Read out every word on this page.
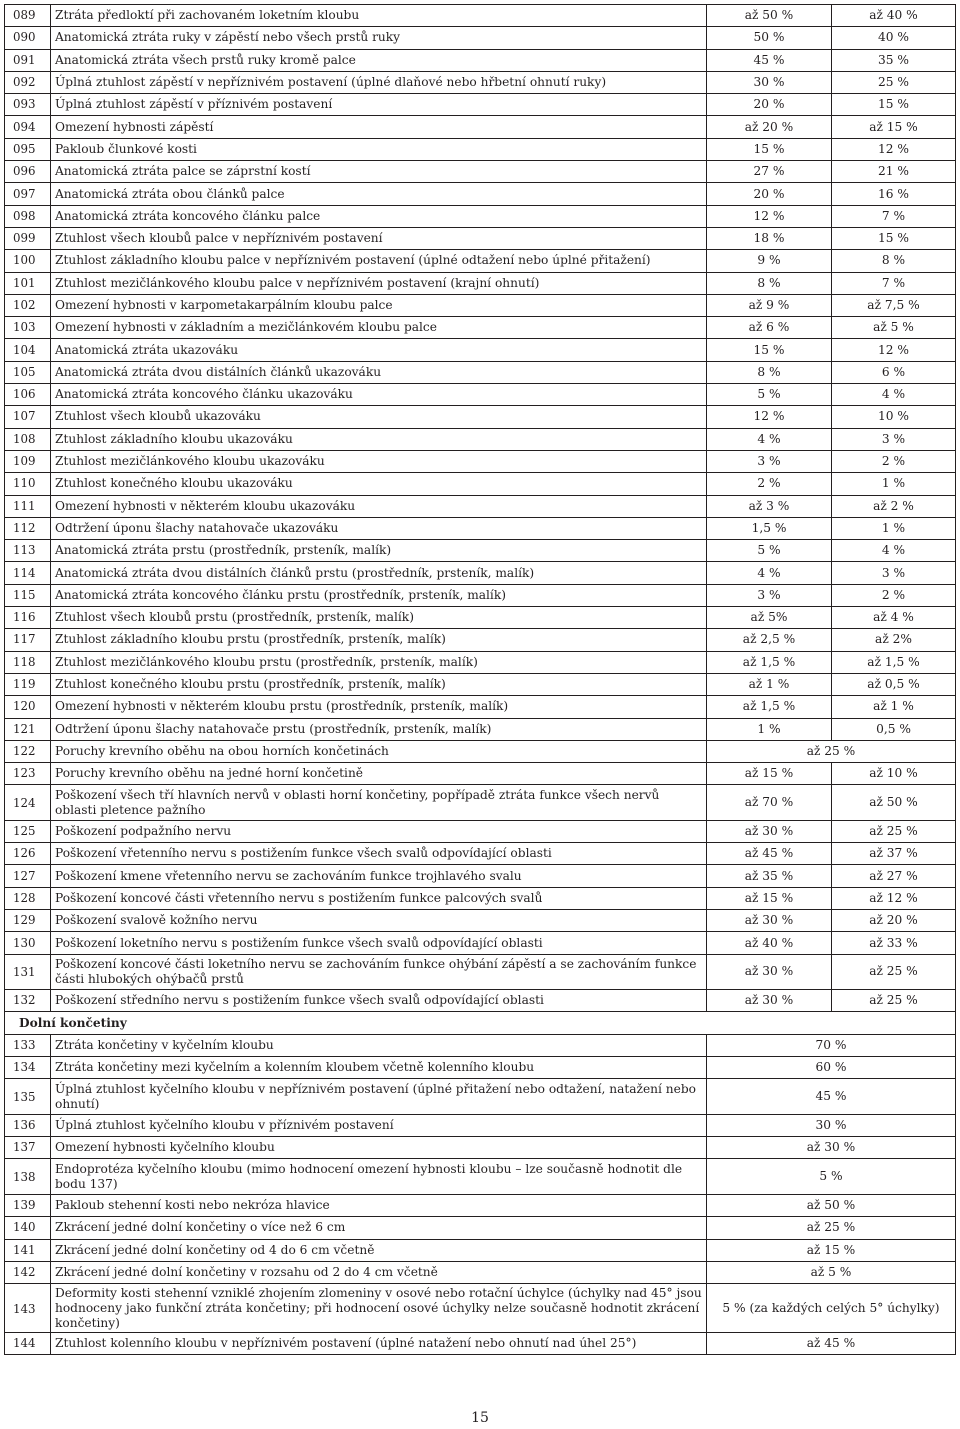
089	Ztráta předloktí při zachovaném loketním kloubu	až 50 %	až 40 %
090	Anatomická ztráta ruky v zápěstí nebo všech prstů ruky	50 %	40 %
091	Anatomická ztráta všech prstů ruky kromě palce	45 %	35 %
092	Úplná ztuhlost zápěstí v nepříznivém postavení (úplné dlaňové nebo hřbetní ohnutí ruky)	30 %	25 %
093	Úplná ztuhlost zápěstí v příznivém postavení	20 %	15 %
094	Omezení hybnosti zápěstí	až 20 %	až 15 %
095	Pakloub člunkové kosti	15 %	12 %
096	Anatomická ztráta palce se záprstní kostí	27 %	21 %
097	Anatomická ztráta obou článků palce	20 %	16 %
098	Anatomická ztráta koncového článku palce	12 %	7 %
099	Ztuhlost všech kloubů palce v nepříznivém postavení	18 %	15 %
100	Ztuhlost základního kloubu palce v nepříznivém postavení (úplné odtažení nebo úplné přitažení)	9 %	8 %
101	Ztuhlost mezičlánkového kloubu palce v nepříznivém postavení (krajní ohnutí)	8 %	7 %
102	Omezení hybnosti v karpometakarpálním kloubu palce	až 9 %	až 7,5 %
103	Omezení hybnosti v základním a mezičlánkovém kloubu palce	až 6 %	až 5 %
104	Anatomická ztráta ukazováku	15 %	12 %
105	Anatomická ztráta dvou distálních článků ukazováku	8 %	6 %
106	Anatomická ztráta koncového článku ukazováku	5 %	4 %
107	Ztuhlost všech kloubů ukazováku	12 %	10 %
108	Ztuhlost základního kloubu ukazováku	4 %	3 %
109	Ztuhlost mezičlánkového kloubu ukazováku	3 %	2 %
110	Ztuhlost konečného kloubu ukazováku	2 %	1 %
111	Omezení hybnosti v některém kloubu ukazováku	až 3 %	až 2 %
112	Odtržení úponu šlachy natahovače ukazováku	1,5 %	1 %
113	Anatomická ztráta prstu (prostředník, prsteník, malík)	5 %	4 %
114	Anatomická ztráta dvou distálních článků prstu (prostředník, prsteník, malík)	4 %	3 %
115	Anatomická ztráta koncového článku prstu (prostředník, prsteník, malík)	3 %	2 %
116	Ztuhlost všech kloubů prstu (prostředník, prsteník, malík)	až 5%	až 4 %
117	Ztuhlost základního kloubu prstu (prostředník, prsteník, malík)	až 2,5 %	až 2%
118	Ztuhlost mezičlánkového kloubu prstu (prostředník, prsteník, malík)	až 1,5 %	až 1,5 %
119	Ztuhlost konečného kloubu prstu (prostředník, prsteník, malík)	až 1 %	až 0,5 %
120	Omezení hybnosti v některém kloubu prstu (prostředník, prsteník, malík)	až 1,5 %	až 1 %
121	Odtržení úponu šlachy natahovače prstu (prostředník, prsteník, malík)	1 %	0,5 %
122	Poruchy krevního oběhu na obou horních končetinách	až 25 %	
123	Poruchy krevního oběhu na jedné horní končetině	až 15 %	až 10 %
124	Poškození všech tří hlavních nervů v oblasti horní končetiny, popřípadě ztráta funkce všech nervů oblasti pletence pažního	až 70 %	až 50 %
125	Poškození podpažního nervu	až 30 %	až 25 %
126	Poškození vřetenního nervu s postižením funkce všech svalů odpovídající oblasti	až 45 %	až 37 %
127	Poškození kmene vřetenního nervu se zachováním funkce trojhlavého svalu	až 35 %	až 27 %
128	Poškození koncové části vřetenního nervu s postižením funkce palcových svalů	až 15 %	až 12 %
129	Poškození svalově kožního nervu	až 30 %	až 20 %
130	Poškození loketního nervu s postižením funkce všech svalů odpovídající oblasti	až 40 %	až 33 %
131	Poškození koncové části loketního nervu se zachováním funkce ohýbání zápěstí a se zachováním funkce části hlubokých ohýbačů prstů	až 30 %	až 25 %
132	Poškození středního nervu s postižením funkce všech svalů odpovídající oblasti	až 30 %	až 25 %
Dolní končetiny			
133	Ztráta končetiny v kyčelním kloubu	70 %	
134	Ztráta končetiny mezi kyčelním a kolenním kloubem včetně kolenního kloubu	60 %	
135	Úplná ztuhlost kyčelního kloubu v nepříznivém postavení (úplné přitažení nebo odtažení, natažení nebo ohnutí)	45 %	
136	Úplná ztuhlost kyčelního kloubu v příznivém postavení	30 %	
137	Omezení hybnosti kyčelního kloubu	až 30 %	
138	Endoprotéza kyčelního kloubu (mimo hodnocení omezení hybnosti kloubu – lze současně hodnotit dle bodu 137)	5 %	
139	Pakloub stehenní kosti nebo nekróza hlavice	až 50 %	
140	Zkrácení jedné dolní končetiny o více než 6 cm	až 25 %	
141	Zkrácení jedné dolní končetiny od 4 do 6 cm včetně	až 15 %	
142	Zkrácení jedné dolní končetiny v rozsahu od 2 do 4 cm včetně	až 5 %	
143	Deformity kosti stehenní vzniklé zhojením zlomeniny v osové nebo rotační úchylce (úchylky nad 45° jsou hodnoceny jako funkční ztráta končetiny; při hodnocení osové úchylky nelze současně hodnotit zkrácení končetiny)	5 % (za každých celých 5° úchylky)	
144	Ztuhlost kolenního kloubu v nepříznivém postavení (úplné natažení nebo ohnutí nad úhel 25°)	až 45 %	
15
